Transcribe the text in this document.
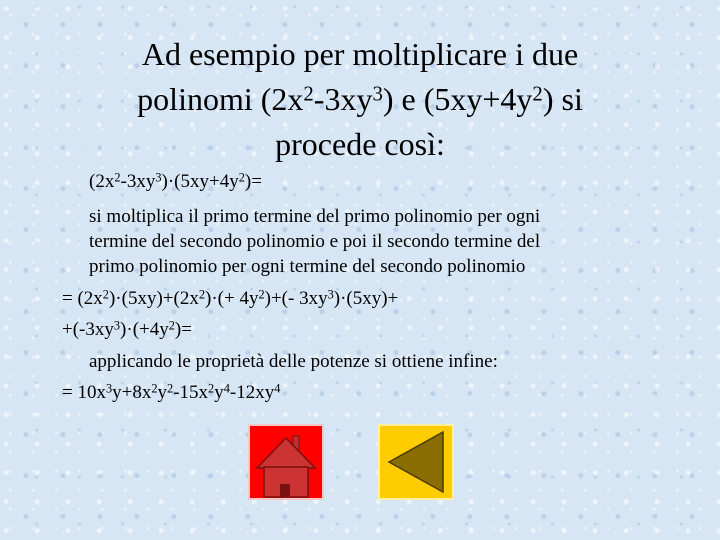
Ad esempio per moltiplicare i due
polinomi $(2x^2-3xy^3)$ e $(5xy+4y^2)$ si
procede così:
$(2x^2-3xy^3)\cdot(5xy+4y^2)=$
si moltiplica il primo termine del primo polinomio per ogni
termine del secondo polinomio e poi il secondo termine del
primo polinomio per ogni termine del secondo polinomio
= $(2x^2)\cdot(5xy)+(2x^2)\cdot(+ 4y^2)+(-$ $3xy^3)\cdot(5xy)+$
$+(-3xy^3)\cdot(+4y^2)=$
applicando le proprietà delle potenze si ottiene infine:
= $10x^3y+8x^2y^2-15x^2y^4-12xy^4$
